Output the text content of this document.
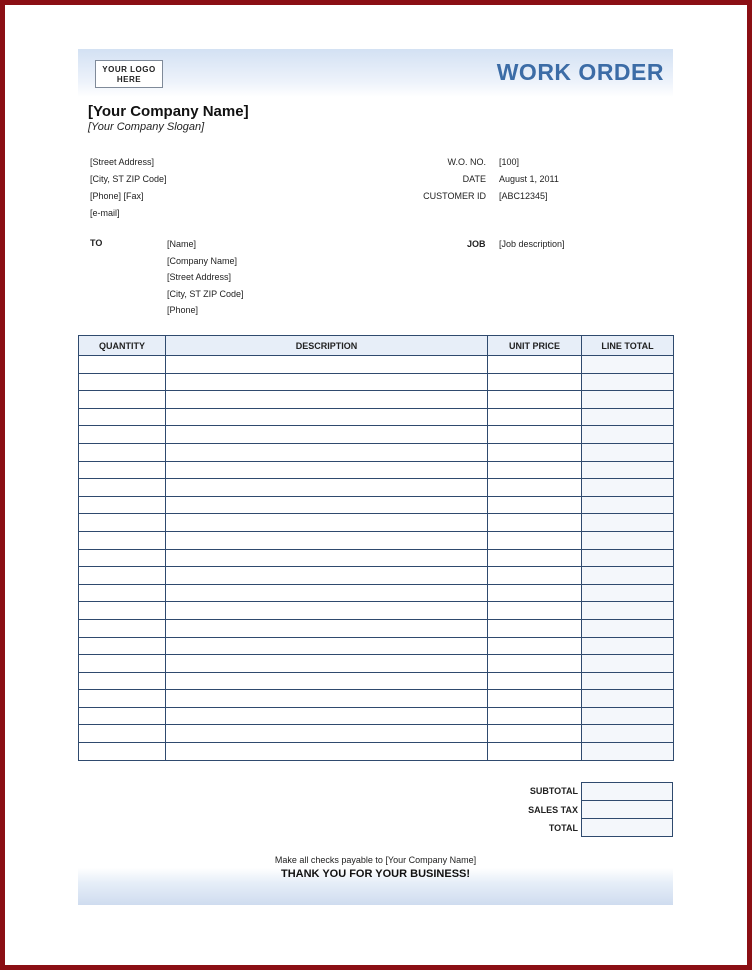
YOUR LOGO
HERE	WORK ORDER
[Your Company Name]
[Your Company Slogan]
[Street Address]
[City, ST ZIP Code]
[Phone] [Fax]
[e-mail]
W.O. NO. [100]
DATE August 1, 2011
CUSTOMER ID [ABC12345]
TO	[Name]
[Company Name]
[Street Address]
[City, ST ZIP Code]
[Phone]
JOB [Job description]
QUANTITY	DESCRIPTION	UNIT PRICE	LINE TOTAL

SUBTOTAL
SALES TAX
TOTAL
Make all checks payable to [Your Company Name]
THANK YOU FOR YOUR BUSINESS!
